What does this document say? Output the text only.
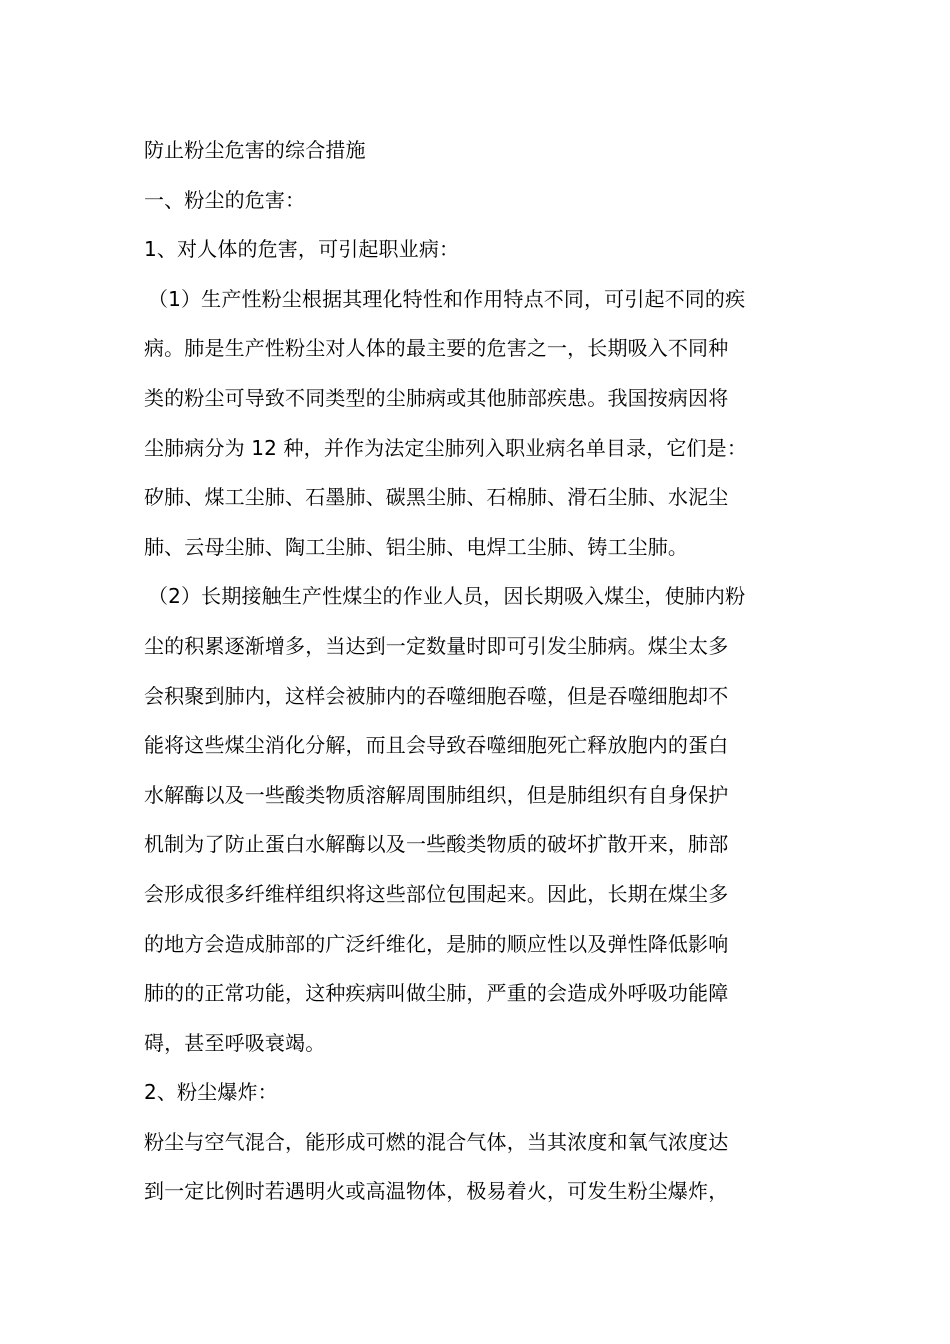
防止粉尘危害的综合措施
一、粉尘的危害：
1、对人体的危害，可引起职业病：
（1）生产性粉尘根据其理化特性和作用特点不同，可引起不同的疾
病。肺是生产性粉尘对人体的最主要的危害之一，长期吸入不同种
类的粉尘可导致不同类型的尘肺病或其他肺部疾患。我国按病因将
尘肺病分为 12 种，并作为法定尘肺列入职业病名单目录，它们是：
矽肺、煤工尘肺、石墨肺、碳黑尘肺、石棉肺、滑石尘肺、水泥尘
肺、云母尘肺、陶工尘肺、铝尘肺、电焊工尘肺、铸工尘肺。
（2）长期接触生产性煤尘的作业人员，因长期吸入煤尘，使肺内粉
尘的积累逐渐增多，当达到一定数量时即可引发尘肺病。煤尘太多
会积聚到肺内，这样会被肺内的吞噬细胞吞噬，但是吞噬细胞却不
能将这些煤尘消化分解，而且会导致吞噬细胞死亡释放胞内的蛋白
水解酶以及一些酸类物质溶解周围肺组织，但是肺组织有自身保护
机制为了防止蛋白水解酶以及一些酸类物质的破坏扩散开来，肺部
会形成很多纤维样组织将这些部位包围起来。因此，长期在煤尘多
的地方会造成肺部的广泛纤维化，是肺的顺应性以及弹性降低影响
肺的的正常功能，这种疾病叫做尘肺，严重的会造成外呼吸功能障
碍，甚至呼吸衰竭。
2、粉尘爆炸：
粉尘与空气混合，能形成可燃的混合气体，当其浓度和氧气浓度达
到一定比例时若遇明火或高温物体，极易着火，可发生粉尘爆炸，
